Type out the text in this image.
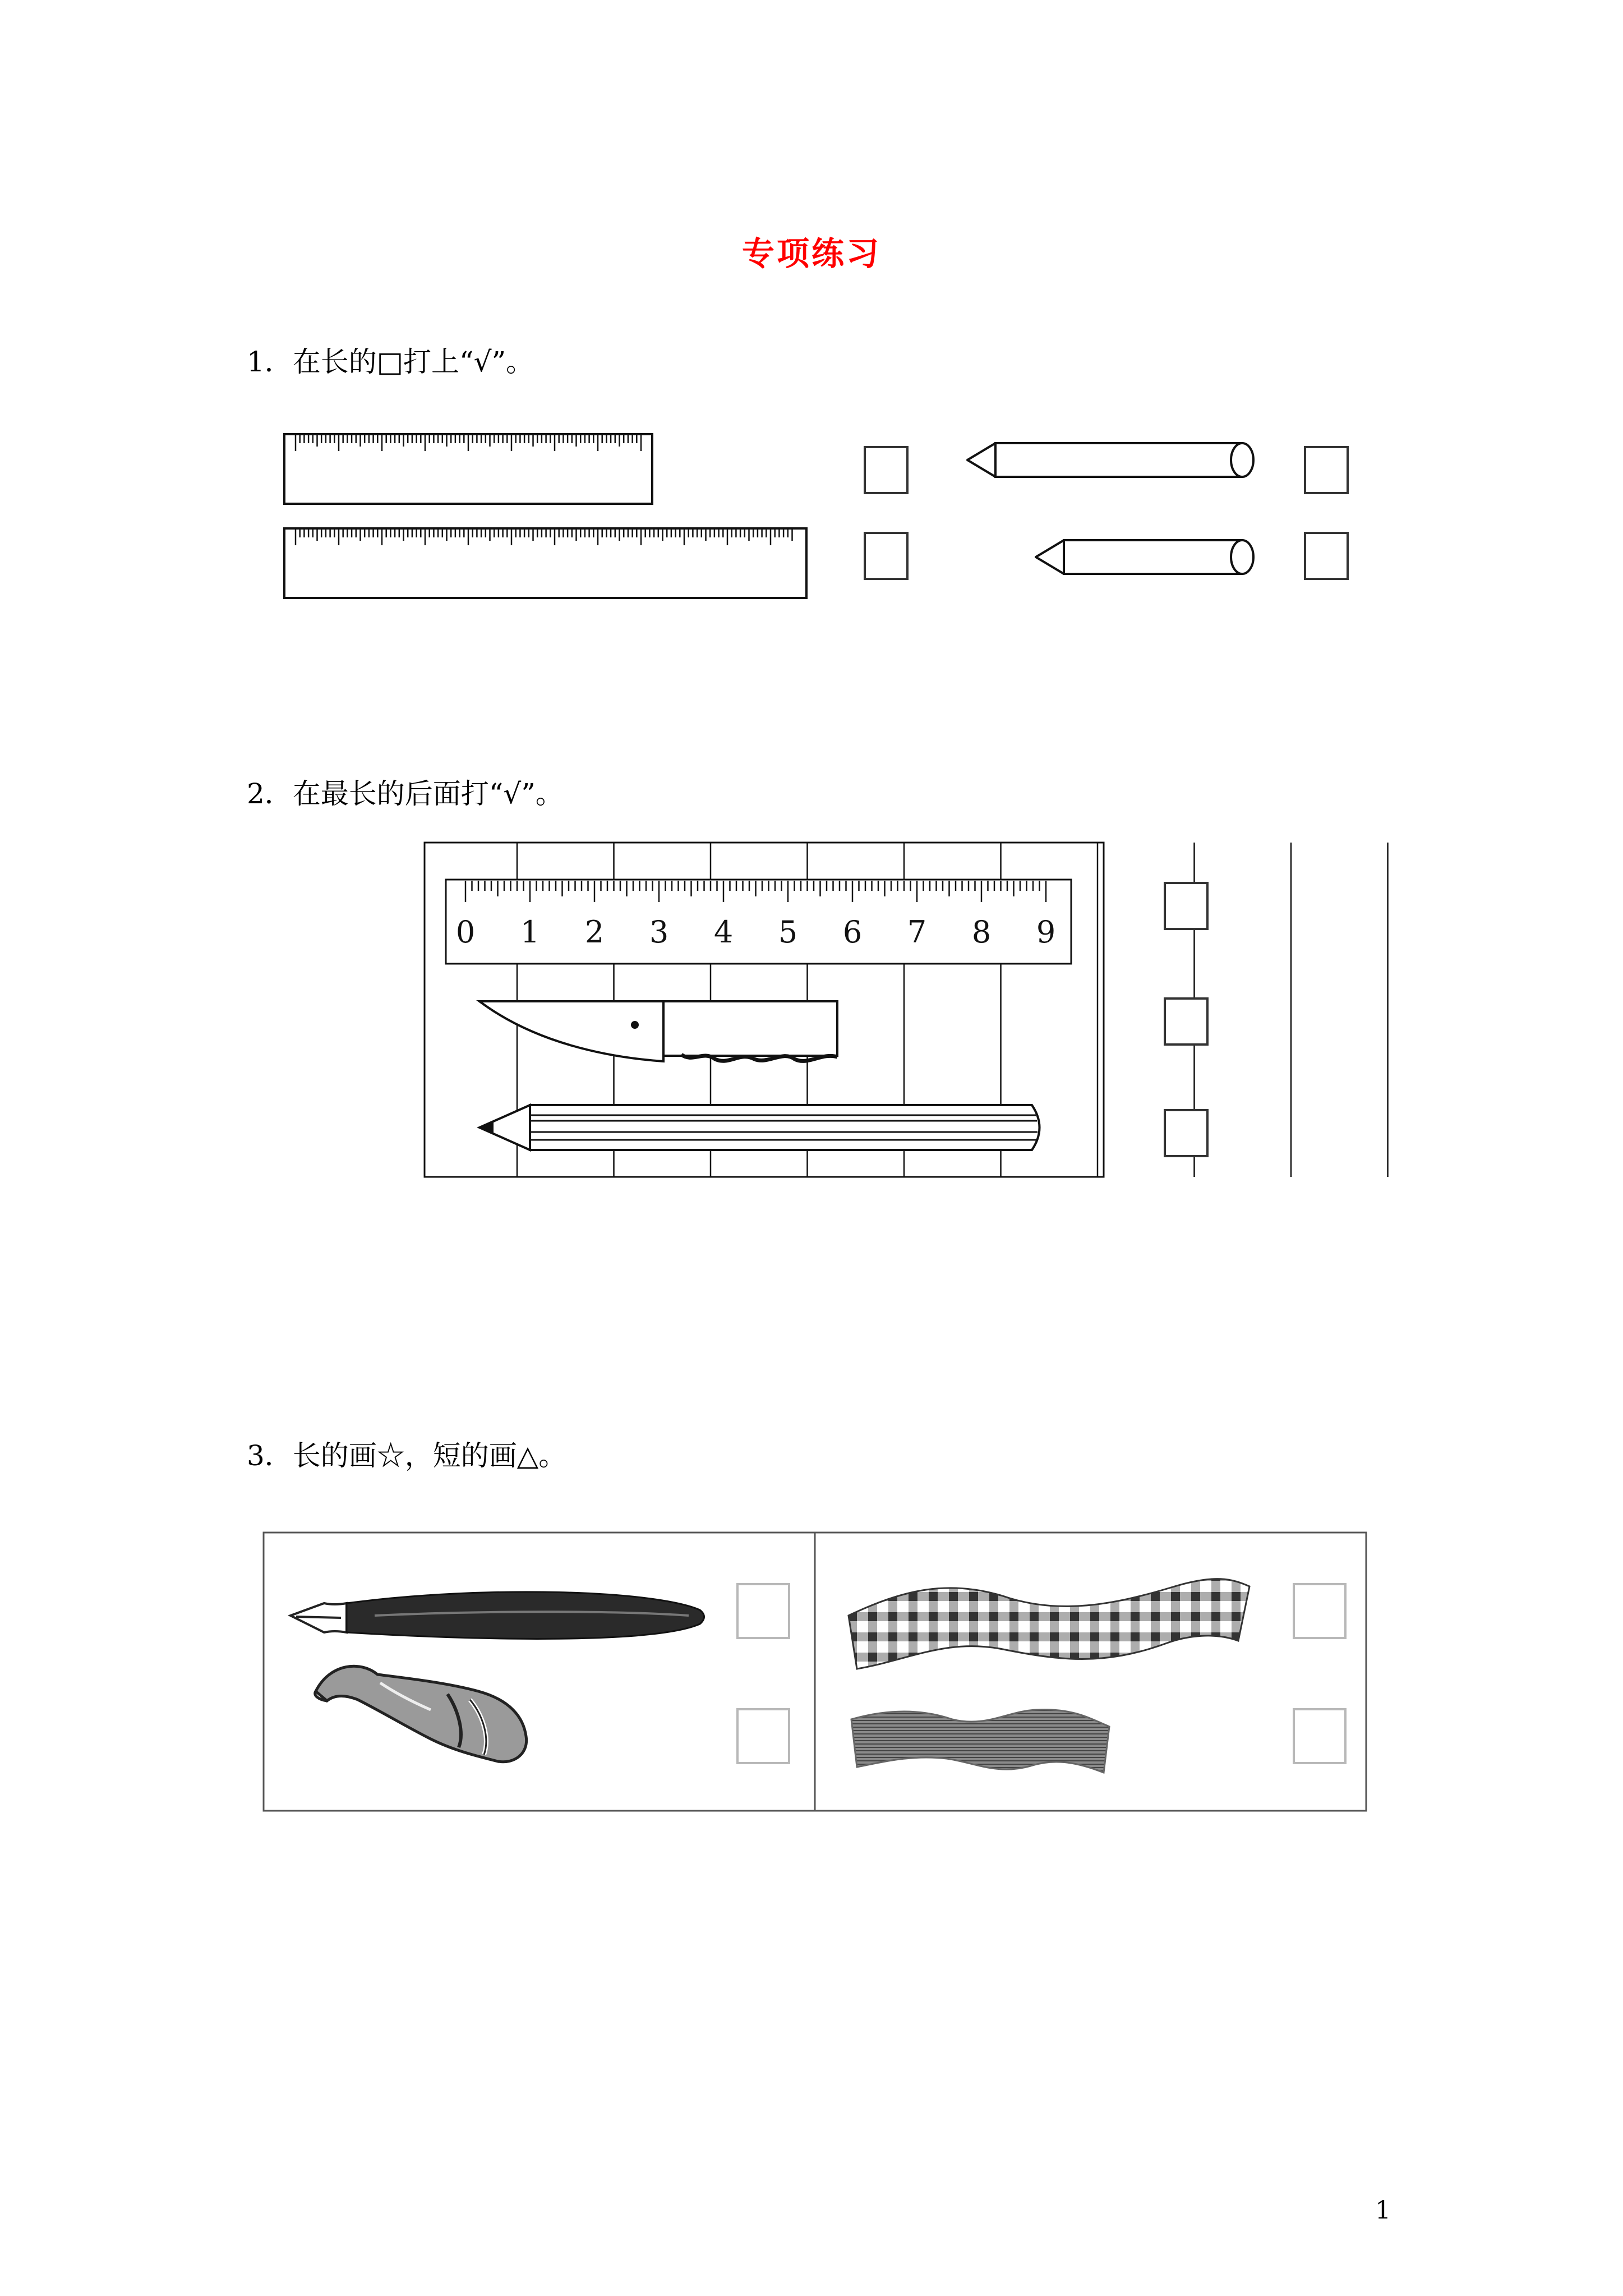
专项练习
1．在长的□打上“√”。
2．在最长的后面打“√”。
0 1 2 3 4 5 6 7 8 9
3．长的画☆，短的画△。
1
